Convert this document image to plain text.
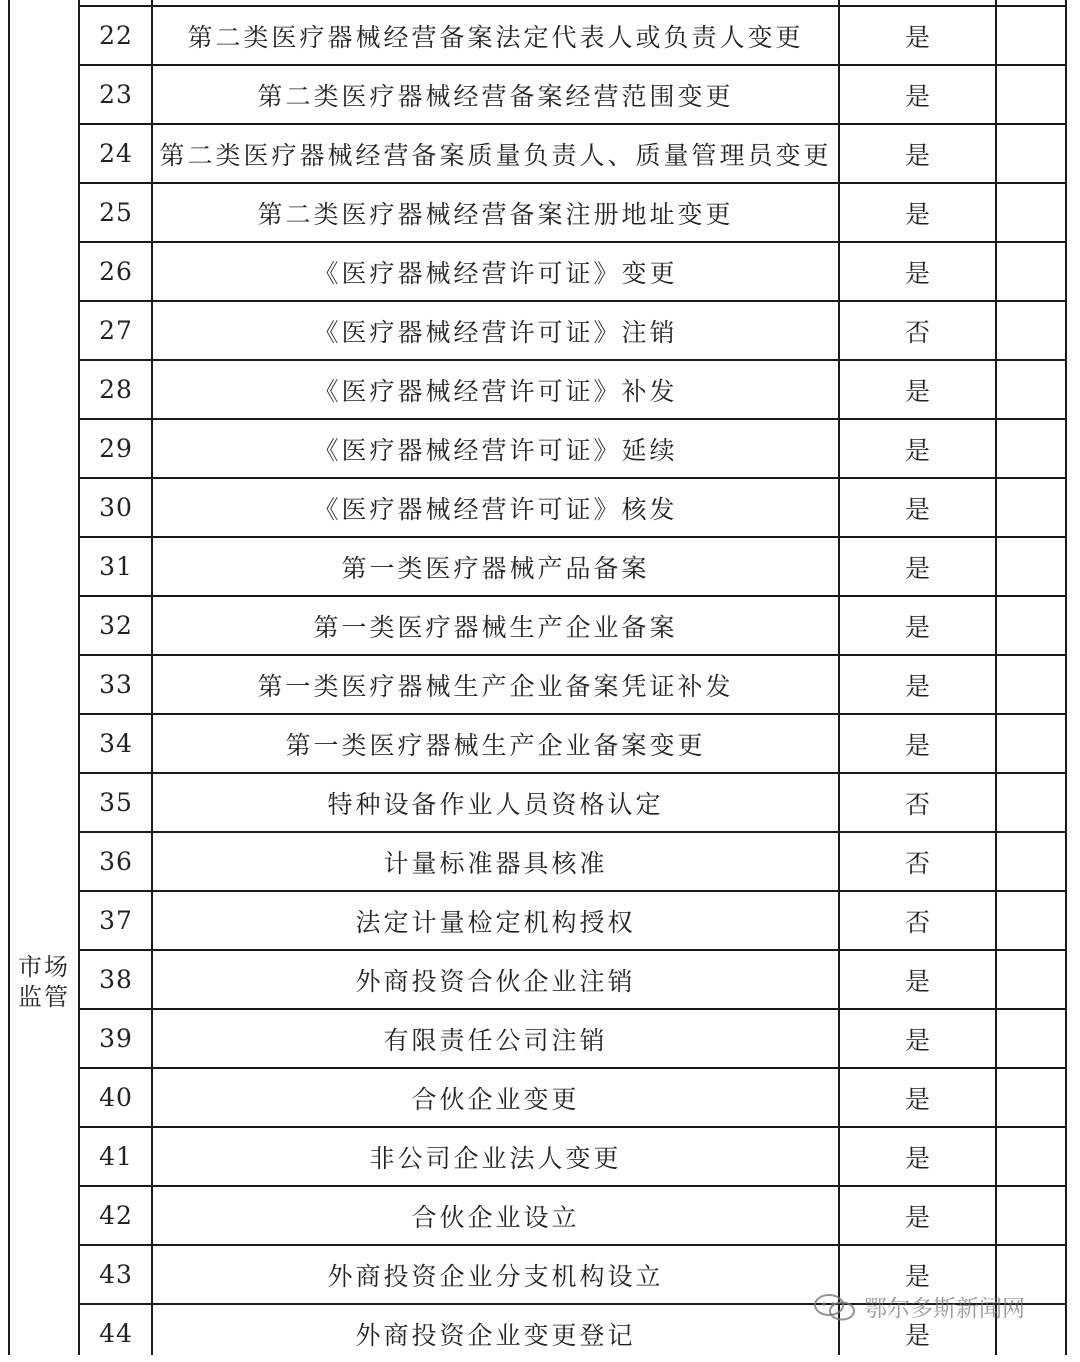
22	第二类医疗器械经营备案法定代表人或负责人变更	是
23	第二类医疗器械经营备案经营范围变更	是
24	第二类医疗器械经营备案质量负责人、质量管理员变更	是
25	第二类医疗器械经营备案注册地址变更	是
26	《医疗器械经营许可证》变更	是
27	《医疗器械经营许可证》注销	否
28	《医疗器械经营许可证》补发	是
29	《医疗器械经营许可证》延续	是
30	《医疗器械经营许可证》核发	是
31	第一类医疗器械产品备案	是
32	第一类医疗器械生产企业备案	是
33	第一类医疗器械生产企业备案凭证补发	是
34	第一类医疗器械生产企业备案变更	是
35	特种设备作业人员资格认定	否
36	计量标准器具核准	否
37	法定计量检定机构授权	否
38	外商投资合伙企业注销	是
39	有限责任公司注销	是
40	合伙企业变更	是
41	非公司企业法人变更	是
42	合伙企业设立	是
43	外商投资企业分支机构设立	是
44	外商投资企业变更登记	是
市场
监管
鄂尔多斯新闻网
